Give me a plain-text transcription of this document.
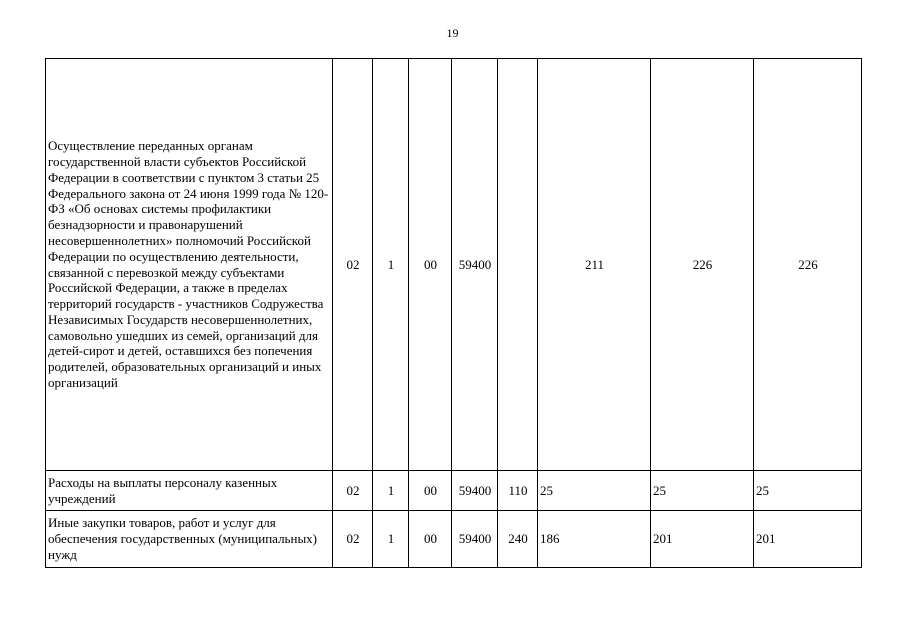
19
Осуществление переданных органам государственной власти субъектов Российской Федерации в соответствии с пунктом 3 статьи 25 Федерального закона от 24 июня 1999 года № 120-ФЗ «Об основах системы профилактики безнадзорности и правонарушений несовершеннолетних» полномочий Российской Федерации по осуществлению деятельности, связанной с перевозкой между субъектами Российской Федерации, а также в пределах территорий государств - участников Содружества Независимых Государств несовершеннолетних, самовольно ушедших из семей, организаций для детей-сирот и детей, оставшихся без попечения родителей, образовательных организаций и иных организаций	02	1	00	59400		211	226	226

Расходы на выплаты персоналу казенных учреждений	02	1	00	59400	110	25	25	25

Иные закупки товаров, работ и услуг для обеспечения государственных (муниципальных) нужд	02	1	00	59400	240	186	201	201
